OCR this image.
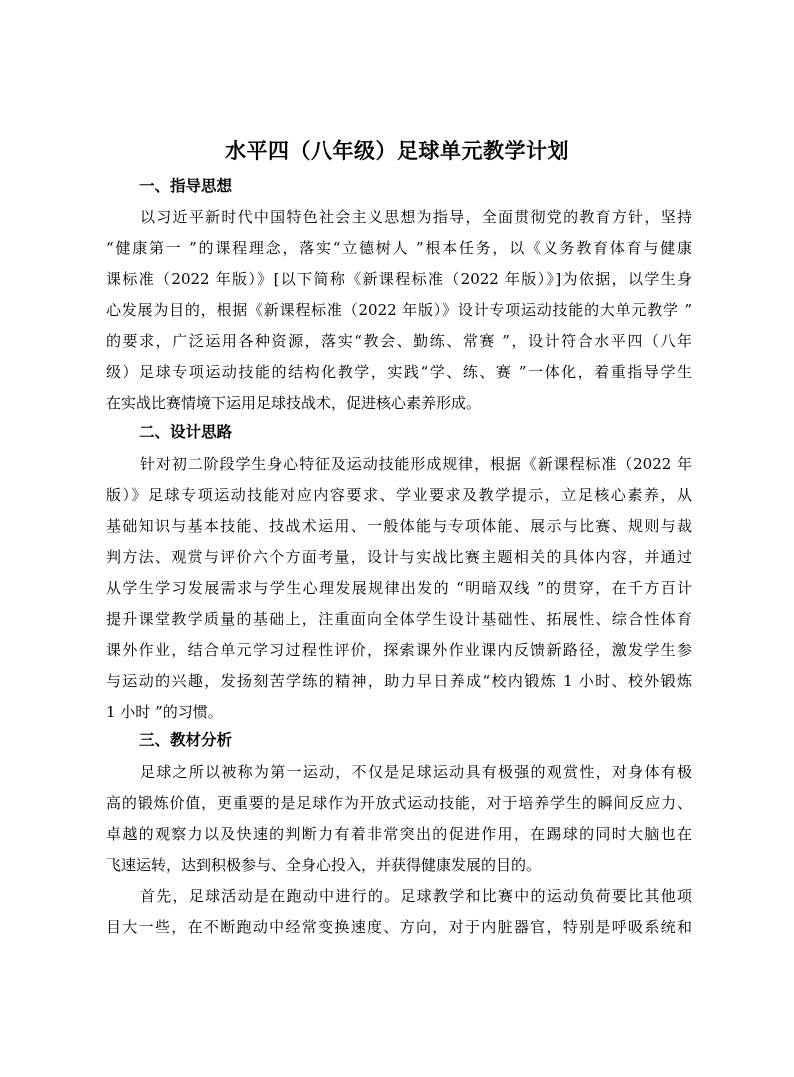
水平四（八年级）足球单元教学计划
一、指导思想
以习近平新时代中国特色社会主义思想为指导，全面贯彻党的教育方针，坚持
“健康第一 ”的课程理念，落实“立德树人 ”根本任务，以《义务教育体育与健康
课标准（2022 年版）》[以下简称《新课程标准（2022 年版）》]为依据，以学生身
心发展为目的，根据《新课程标准（2022 年版）》设计专项运动技能的大单元教学 ”
的要求，广泛运用各种资源，落实“教会、勤练、常赛 ”，设计符合水平四（八年
级）足球专项运动技能的结构化教学，实践“学、练、赛 ”一体化，着重指导学生
在实战比赛情境下运用足球技战术，促进核心素养形成。
二、设计思路
针对初二阶段学生身心特征及运动技能形成规律，根据《新课程标准（2022 年
版）》足球专项运动技能对应内容要求、学业要求及教学提示，立足核心素养，从
基础知识与基本技能、技战术运用、一般体能与专项体能、展示与比赛、规则与裁
判方法、观赏与评价六个方面考量，设计与实战比赛主题相关的具体内容，并通过
从学生学习发展需求与学生心理发展规律出发的 “明暗双线 ”的贯穿，在千方百计
提升课堂教学质量的基础上，注重面向全体学生设计基础性、拓展性、综合性体育
课外作业，结合单元学习过程性评价，探索课外作业课内反馈新路径，激发学生参
与运动的兴趣，发扬刻苦学练的精神，助力早日养成“校内锻炼 1 小时、校外锻炼
1 小时 ”的习惯。
三、教材分析
足球之所以被称为第一运动，不仅是足球运动具有极强的观赏性，对身体有极
高的锻炼价值，更重要的是足球作为开放式运动技能，对于培养学生的瞬间反应力、
卓越的观察力以及快速的判断力有着非常突出的促进作用，在踢球的同时大脑也在
飞速运转，达到积极参与、全身心投入，并获得健康发展的目的。
首先，足球活动是在跑动中进行的。足球教学和比赛中的运动负荷要比其他项
目大一些，在不断跑动中经常变换速度、方向，对于内脏器官，特别是呼吸系统和
